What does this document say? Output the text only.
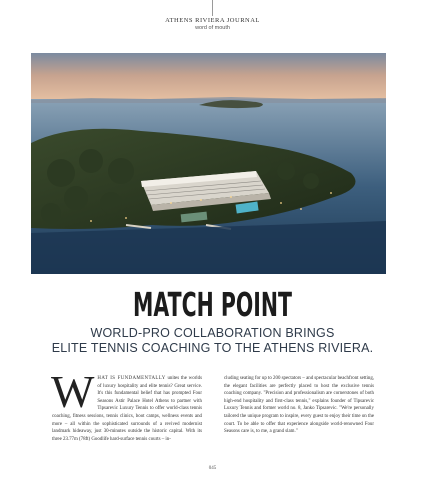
ATHENS RIVIERA JOURNAL
word of mouth
MATCH POINT
WORLD-PRO COLLABORATION BRINGS
ELITE TENNIS COACHING TO THE ATHENS RIVIERA.
W HAT IS FUNDAMENTALLY unites the worlds of luxury hospitality and elite tennis? Great service. It's this fundamental belief that has prompted Four Seasons Astir Palace Hotel Athens to partner with Tipsarevic Luxury Tennis to offer world-class tennis coaching, fitness sessions, tennis clinics, boot camps, wellness events and more – all within the sophisticated surrounds of a revived modernist landmark hideaway, just 30-minutes outside the historic capital. With its three 23.77m (78ft) Goodlife hard-surface tennis courts – in-
cluding seating for up to 200 spectators – and spectacular beachfront setting, the elegant facilities are perfectly placed to host the exclusive tennis coaching company. "Precision and professionalism are cornerstones of both high-end hospitality and first-class tennis," explains founder of Tipsarevic Luxury Tennis and former world no. 8, Janko Tipsarevic. "We're personally tailored the unique program to inspire, every guest to enjoy their time on the court. To be able to offer that experience alongside world-renowned Four Seasons care is, to me, a grand slam."
045
